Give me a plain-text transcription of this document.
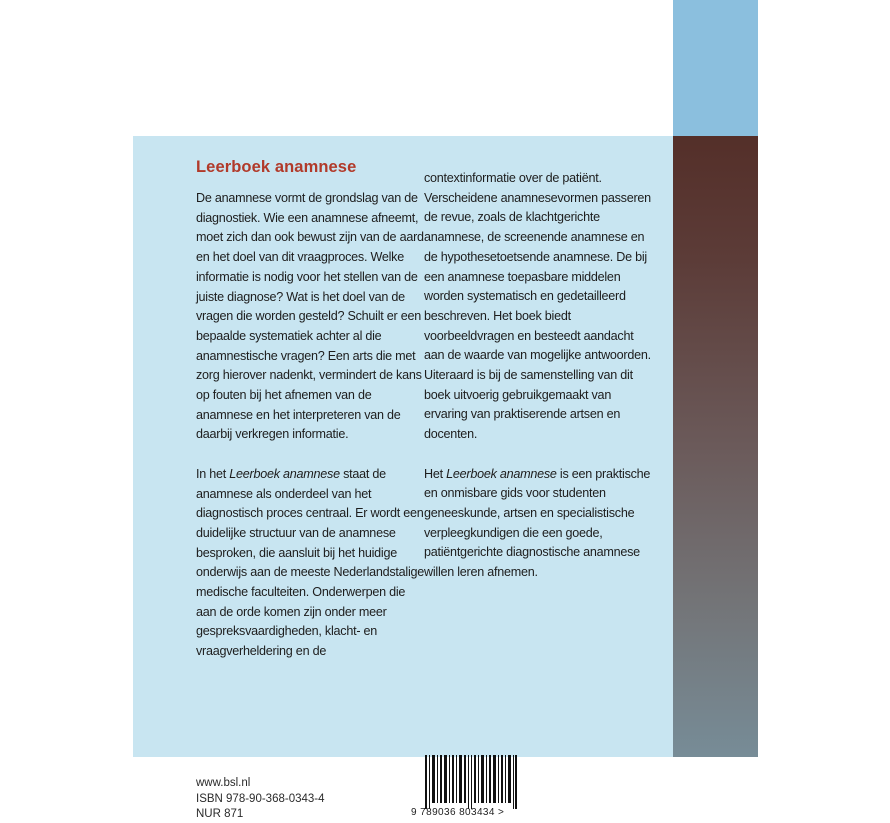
Leerboek anamnese

De anamnese vormt de grondslag van de diagnostiek. Wie een anamnese afneemt, moet zich dan ook bewust zijn van de aard en het doel van dit vraagproces. Welke informatie is nodig voor het stellen van de juiste diagnose? Wat is het doel van de vragen die worden gesteld? Schuilt er een bepaalde systematiek achter al die anamnestische vragen? Een arts die met zorg hierover nadenkt, vermindert de kans op fouten bij het afnemen van de anamnese en het interpreteren van de daarbij verkregen informatie.

In het Leerboek anamnese staat de anamnese als onderdeel van het diagnostisch proces centraal. Er wordt een duidelijke structuur van de anamnese besproken, die aansluit bij het huidige onderwijs aan de meeste Nederlandstalige medische faculteiten. Onderwerpen die aan de orde komen zijn onder meer gespreksvaardigheden, klacht- en vraagverheldering en de

contextinformatie over de patiënt. Verscheidene anamnesevormen passeren de revue, zoals de klachtgerichte anamnese, de screenende anamnese en de hypothesetoetsende anamnese. De bij een anamnese toepasbare middelen worden systematisch en gedetailleerd beschreven. Het boek biedt voorbeeldvragen en besteedt aandacht aan de waarde van mogelijke antwoorden. Uiteraard is bij de samenstelling van dit boek uitvoerig gebruikgemaakt van ervaring van praktiserende artsen en docenten.

Het Leerboek anamnese is een praktische en onmisbare gids voor studenten geneeskunde, artsen en specialistische verpleegkundigen die een goede, patiëntgerichte diagnostische anamnese willen leren afnemen.

www.bsl.nl
ISBN 978-90-368-0343-4
NUR 871	9 789036 803434 >
